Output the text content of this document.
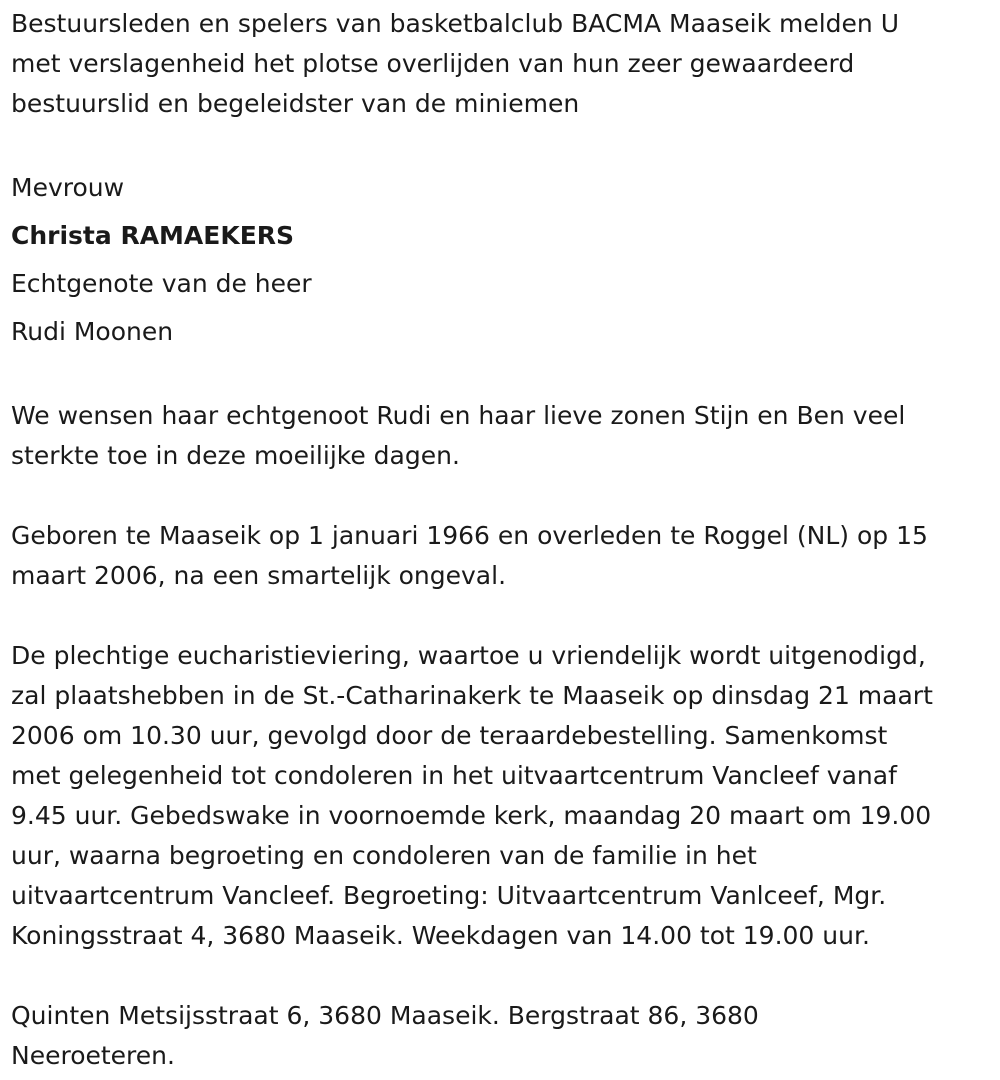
Bestuursleden en spelers van basketbalclub BACMA Maaseik melden U
met verslagenheid het plotse overlijden van hun zeer gewaardeerd
bestuurslid en begeleidster van de miniemen

Mevrouw

Christa RAMAEKERS

Echtgenote van de heer

Rudi Moonen

We wensen haar echtgenoot Rudi en haar lieve zonen Stijn en Ben veel
sterkte toe in deze moeilijke dagen.

Geboren te Maaseik op 1 januari 1966 en overleden te Roggel (NL) op 15
maart 2006, na een smartelijk ongeval.

De plechtige eucharistieviering, waartoe u vriendelijk wordt uitgenodigd,
zal plaatshebben in de St.-Catharinakerk te Maaseik op dinsdag 21 maart
2006 om 10.30 uur, gevolgd door de teraardebestelling. Samenkomst
met gelegenheid tot condoleren in het uitvaartcentrum Vancleef vanaf
9.45 uur. Gebedswake in voornoemde kerk, maandag 20 maart om 19.00
uur, waarna begroeting en condoleren van de familie in het
uitvaartcentrum Vancleef. Begroeting: Uitvaartcentrum Vanlceef, Mgr.
Koningsstraat 4, 3680 Maaseik. Weekdagen van 14.00 tot 19.00 uur.

Quinten Metsijsstraat 6, 3680 Maaseik. Bergstraat 86, 3680
Neeroeteren.
